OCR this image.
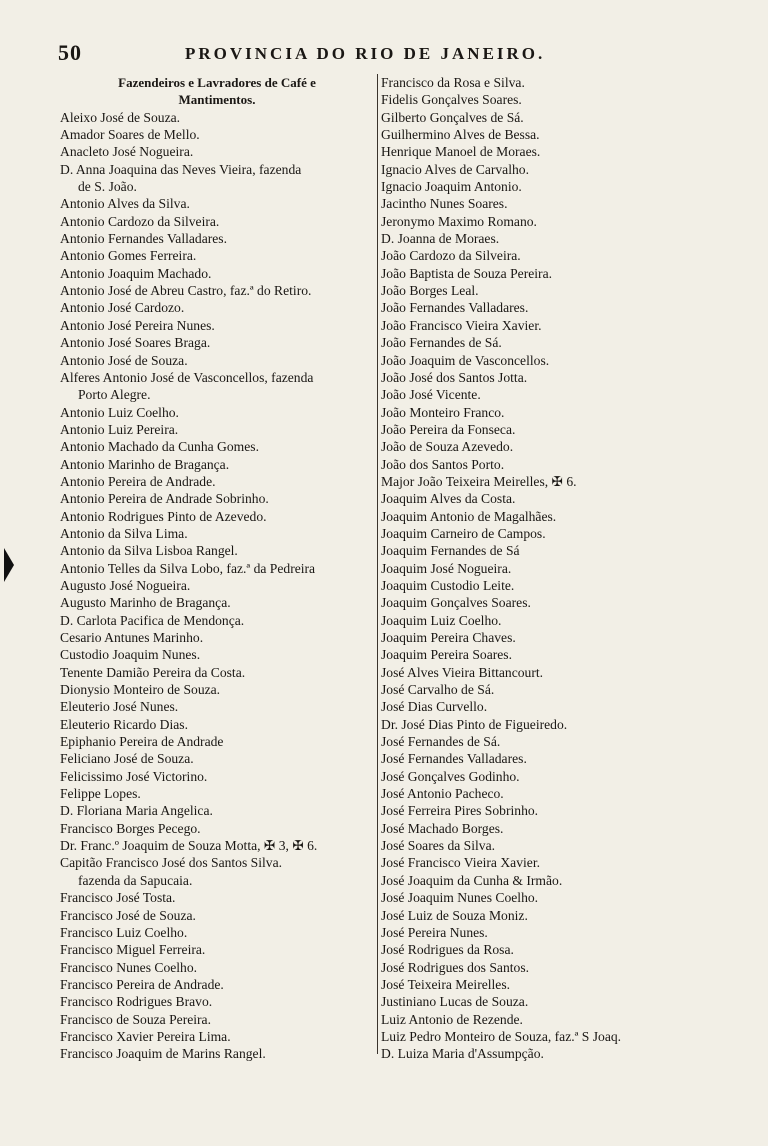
50	PROVINCIA DO RIO DE JANEIRO.
Fazendeiros e Lavradores de Café e
Mantimentos.
Aleixo José de Souza.
Amador Soares de Mello.
Anacleto José Nogueira.
D. Anna Joaquina das Neves Vieira, fazenda
de S. João.
Antonio Alves da Silva.
Antonio Cardozo da Silveira.
Antonio Fernandes Valladares.
Antonio Gomes Ferreira.
Antonio Joaquim Machado.
Antonio José de Abreu Castro, faz.ª do Retiro.
Antonio José Cardozo.
Antonio José Pereira Nunes.
Antonio José Soares Braga.
Antonio José de Souza.
Alferes Antonio José de Vasconcellos, fazenda
Porto Alegre.
Antonio Luiz Coelho.
Antonio Luiz Pereira.
Antonio Machado da Cunha Gomes.
Antonio Marinho de Bragança.
Antonio Pereira de Andrade.
Antonio Pereira de Andrade Sobrinho.
Antonio Rodrigues Pinto de Azevedo.
Antonio da Silva Lima.
Antonio da Silva Lisboa Rangel.
Antonio Telles da Silva Lobo, faz.ª da Pedreira
Augusto José Nogueira.
Augusto Marinho de Bragança.
D. Carlota Pacifica de Mendonça.
Cesario Antunes Marinho.
Custodio Joaquim Nunes.
Tenente Damião Pereira da Costa.
Dionysio Monteiro de Souza.
Eleuterio José Nunes.
Eleuterio Ricardo Dias.
Epiphanio Pereira de Andrade
Feliciano José de Souza.
Felicissimo José Victorino.
Felippe Lopes.
D. Floriana Maria Angelica.
Francisco Borges Pecego.
Dr. Franc.º Joaquim de Souza Motta, ✠ 3, ✠ 6.
Capitão Francisco José dos Santos Silva.
fazenda da Sapucaia.
Francisco José Tosta.
Francisco José de Souza.
Francisco Luiz Coelho.
Francisco Miguel Ferreira.
Francisco Nunes Coelho.
Francisco Pereira de Andrade.
Francisco Rodrigues Bravo.
Francisco de Souza Pereira.
Francisco Xavier Pereira Lima.
Francisco Joaquim de Marins Rangel.
Francisco da Rosa e Silva.
Fidelis Gonçalves Soares.
Gilberto Gonçalves de Sá.
Guilhermino Alves de Bessa.
Henrique Manoel de Moraes.
Ignacio Alves de Carvalho.
Ignacio Joaquim Antonio.
Jacintho Nunes Soares.
Jeronymo Maximo Romano.
D. Joanna de Moraes.
João Cardozo da Silveira.
João Baptista de Souza Pereira.
João Borges Leal.
João Fernandes Valladares.
João Francisco Vieira Xavier.
João Fernandes de Sá.
João Joaquim de Vasconcellos.
João José dos Santos Jotta.
João José Vicente.
João Monteiro Franco.
João Pereira da Fonseca.
João de Souza Azevedo.
João dos Santos Porto.
Major João Teixeira Meirelles, ✠ 6.
Joaquim Alves da Costa.
Joaquim Antonio de Magalhães.
Joaquim Carneiro de Campos.
Joaquim Fernandes de Sá
Joaquim José Nogueira.
Joaquim Custodio Leite.
Joaquim Gonçalves Soares.
Joaquim Luiz Coelho.
Joaquim Pereira Chaves.
Joaquim Pereira Soares.
José Alves Vieira Bittancourt.
José Carvalho de Sá.
José Dias Curvello.
Dr. José Dias Pinto de Figueiredo.
José Fernandes de Sá.
José Fernandes Valladares.
José Gonçalves Godinho.
José Antonio Pacheco.
José Ferreira Pires Sobrinho.
José Machado Borges.
José Soares da Silva.
José Francisco Vieira Xavier.
José Joaquim da Cunha & Irmão.
José Joaquim Nunes Coelho.
José Luiz de Souza Moniz.
José Pereira Nunes.
José Rodrigues da Rosa.
José Rodrigues dos Santos.
José Teixeira Meirelles.
Justiniano Lucas de Souza.
Luiz Antonio de Rezende.
Luiz Pedro Monteiro de Souza, faz.ª S Joaq.
D. Luiza Maria d'Assumpção.
